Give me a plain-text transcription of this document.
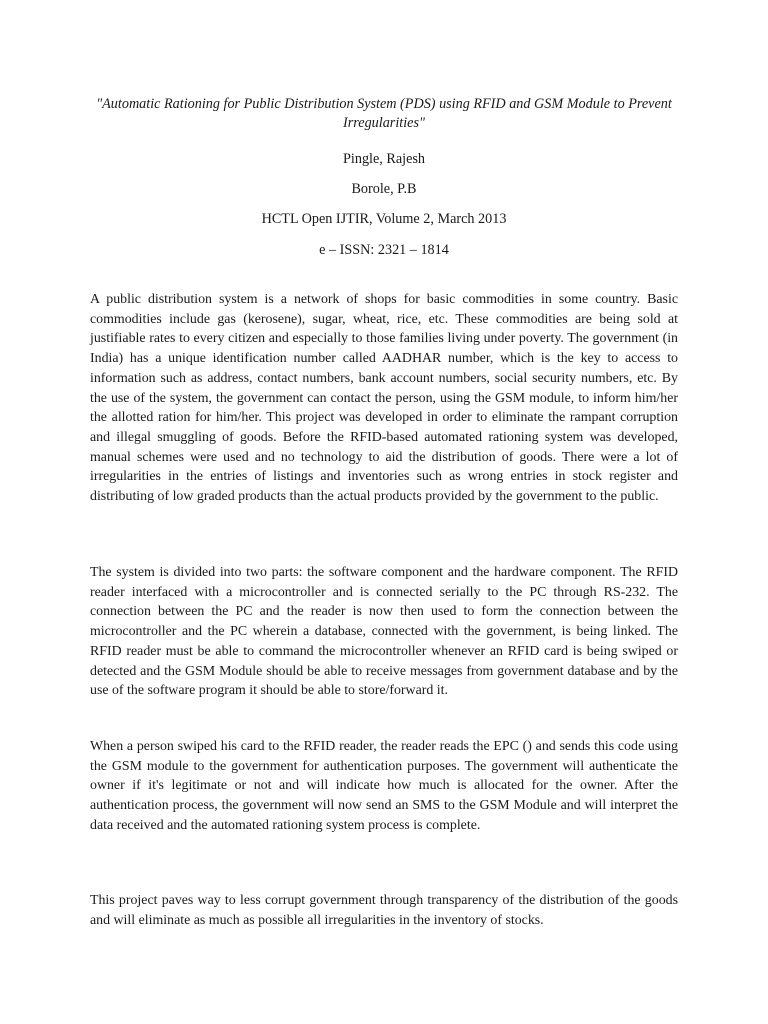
"Automatic Rationing for Public Distribution System (PDS) using RFID and GSM Module to Prevent Irregularities"

Pingle, Rajesh

Borole, P.B

HCTL Open IJTIR, Volume 2, March 2013

e – ISSN: 2321 – 1814

A public distribution system is a network of shops for basic commodities in some country. Basic commodities include gas (kerosene), sugar, wheat, rice, etc. These commodities are being sold at justifiable rates to every citizen and especially to those families living under poverty. The government (in India) has a unique identification number called AADHAR number, which is the key to access to information such as address, contact numbers, bank account numbers, social security numbers, etc. By the use of the system, the government can contact the person, using the GSM module, to inform him/her the allotted ration for him/her. This project was developed in order to eliminate the rampant corruption and illegal smuggling of goods. Before the RFID-based automated rationing system was developed, manual schemes were used and no technology to aid the distribution of goods. There were a lot of irregularities in the entries of listings and inventories such as wrong entries in stock register and distributing of low graded products than the actual products provided by the government to the public.

The system is divided into two parts: the software component and the hardware component. The RFID reader interfaced with a microcontroller and is connected serially to the PC through RS-232. The connection between the PC and the reader is now then used to form the connection between the microcontroller and the PC wherein a database, connected with the government, is being linked. The RFID reader must be able to command the microcontroller whenever an RFID card is being swiped or detected and the GSM Module should be able to receive messages from government database and by the use of the software program it should be able to store/forward it.

When a person swiped his card to the RFID reader, the reader reads the EPC () and sends this code using the GSM module to the government for authentication purposes. The government will authenticate the owner if it's legitimate or not and will indicate how much is allocated for the owner. After the authentication process, the government will now send an SMS to the GSM Module and will interpret the data received and the automated rationing system process is complete.

This project paves way to less corrupt government through transparency of the distribution of the goods and will eliminate as much as possible all irregularities in the inventory of stocks.
